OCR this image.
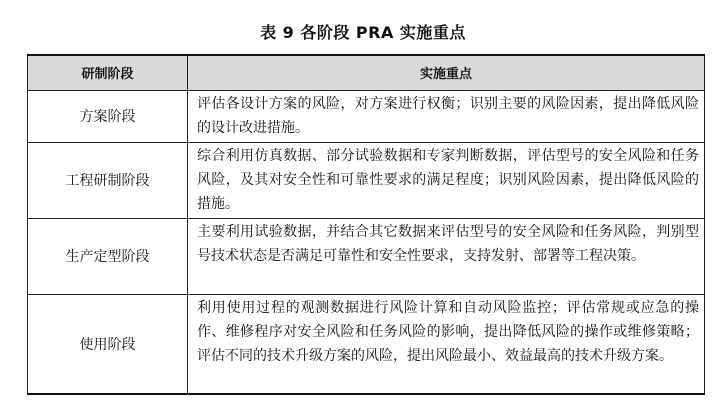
表 9 各阶段 PRA 实施重点
研制阶段	实施重点
方案阶段	评估各设计方案的风险，对方案进行权衡；识别主要的风险因素，提出降低风险的设计改进措施。
工程研制阶段	综合利用仿真数据、部分试验数据和专家判断数据，评估型号的安全风险和任务风险，及其对安全性和可靠性要求的满足程度；识别风险因素，提出降低风险的措施。
生产定型阶段	主要利用试验数据，并结合其它数据来评估型号的安全风险和任务风险，判别型号技术状态是否满足可靠性和安全性要求，支持发射、部署等工程决策。
使用阶段	利用使用过程的观测数据进行风险计算和自动风险监控；评估常规或应急的操作、维修程序对安全风险和任务风险的影响，提出降低风险的操作或维修策略；评估不同的技术升级方案的风险，提出风险最小、效益最高的技术升级方案。
